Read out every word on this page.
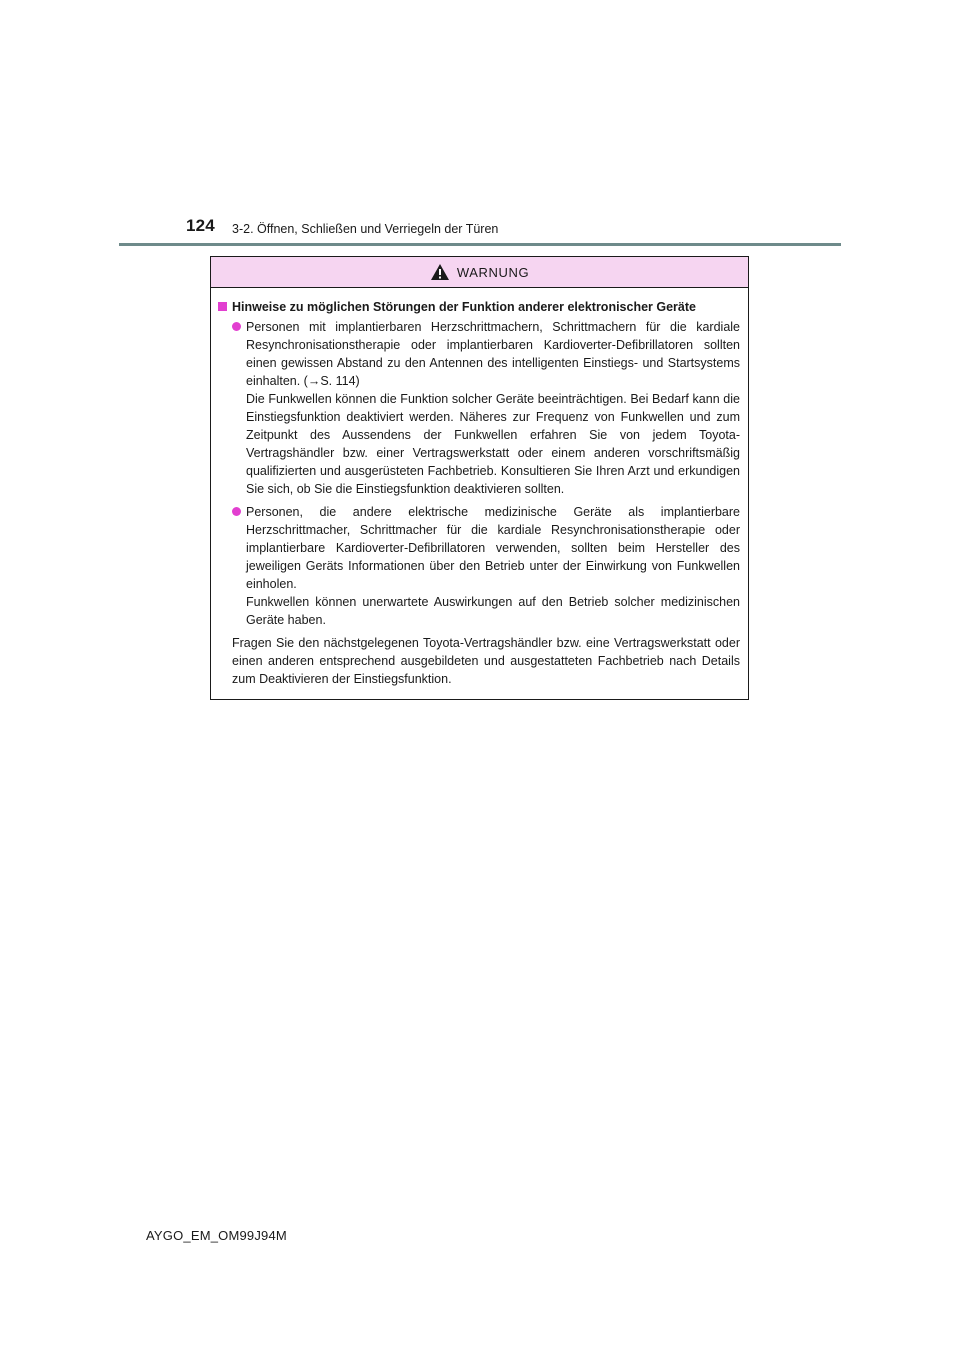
124 3-2. Öffnen, Schließen und Verriegeln der Türen
WARNUNG
Hinweise zu möglichen Störungen der Funktion anderer elektronischer Geräte

Personen mit implantierbaren Herzschrittmachern, Schrittmachern für die kardiale Resynchronisationstherapie oder implantierbaren Kardioverter-Defibrillatoren sollten einen gewissen Abstand zu den Antennen des intelligenten Einstiegs- und Startsystems einhalten. (→S. 114)

Die Funkwellen können die Funktion solcher Geräte beeinträchtigen. Bei Bedarf kann die Einstiegsfunktion deaktiviert werden. Näheres zur Frequenz von Funkwellen und zum Zeitpunkt des Aussendens der Funkwellen erfahren Sie von jedem Toyota-Vertragshändler bzw. einer Vertragswerkstatt oder einem anderen vorschriftsmäßig qualifizierten und ausgerüsteten Fachbetrieb. Konsultieren Sie Ihren Arzt und erkundigen Sie sich, ob Sie die Einstiegsfunktion deaktivieren sollten.

Personen, die andere elektrische medizinische Geräte als implantierbare Herzschrittmacher, Schrittmacher für die kardiale Resynchronisationstherapie oder implantierbare Kardioverter-Defibrillatoren verwenden, sollten beim Hersteller des jeweiligen Geräts Informationen über den Betrieb unter der Einwirkung von Funkwellen einholen.

Funkwellen können unerwartete Auswirkungen auf den Betrieb solcher medizinischen Geräte haben.

Fragen Sie den nächstgelegenen Toyota-Vertragshändler bzw. eine Vertragswerkstatt oder einen anderen entsprechend ausgebildeten und ausgestatteten Fachbetrieb nach Details zum Deaktivieren der Einstiegsfunktion.

AYGO_EM_OM99J94M
